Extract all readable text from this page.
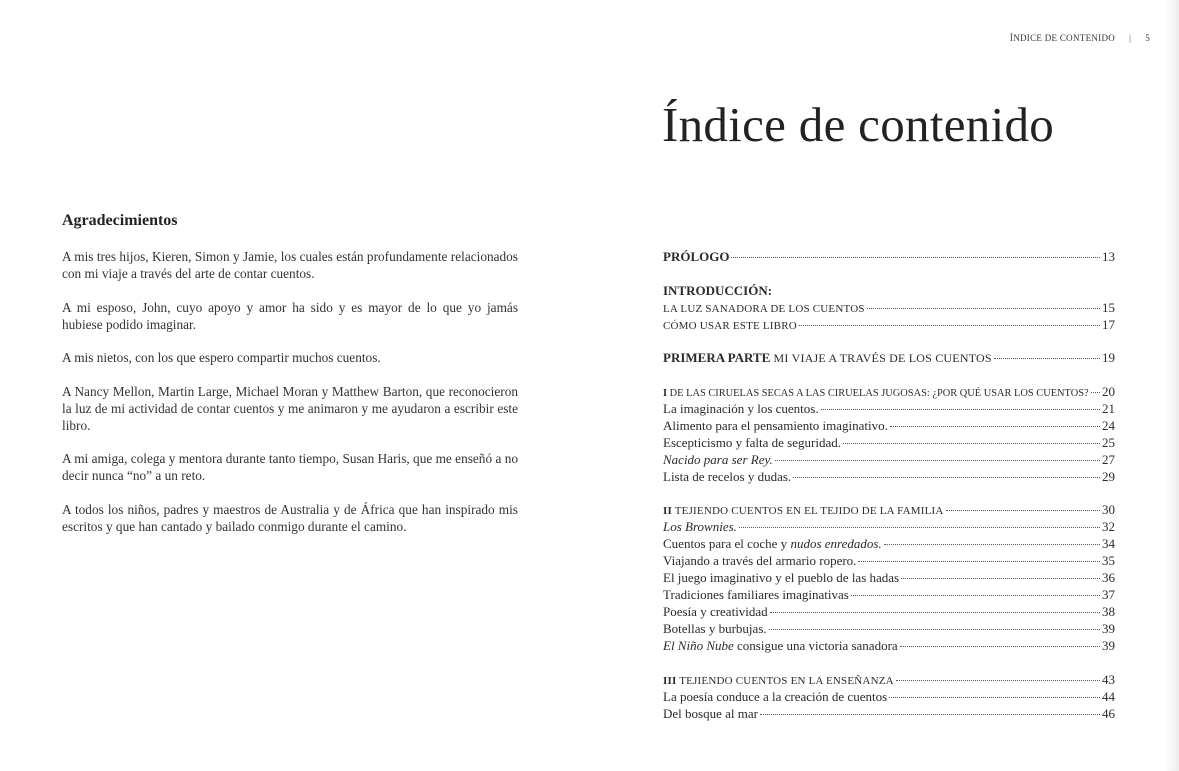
ÍNDICE DE CONTENIDO | 5
Índice de contenido
Agradecimientos

A mis tres hijos, Kieren, Simon y Jamie, los cuales están profundamente relacionados con mi viaje a través del arte de contar cuentos.

A mi esposo, John, cuyo apoyo y amor ha sido y es mayor de lo que yo jamás hubiese podido imaginar.

A mis nietos, con los que espero compartir muchos cuentos.

A Nancy Mellon, Martin Large, Michael Moran y Matthew Barton, que reconocieron la luz de mi actividad de contar cuentos y me animaron y me ayudaron a escribir este libro.

A mi amiga, colega y mentora durante tanto tiempo, Susan Haris, que me enseñó a no decir nunca “no” a un reto.

A todos los niños, padres y maestros de Australia y de África que han inspirado mis escritos y que han cantado y bailado conmigo durante el camino.

PRÓLOGO	13
INTRODUCCIÓN:
LA LUZ SANADORA DE LOS CUENTOS	15
CÓMO USAR ESTE LIBRO	17
PRIMERA PARTE MI VIAJE A TRAVÉS DE LOS CUENTOS	19
I DE LAS CIRUELAS SECAS A LAS CIRUELAS JUGOSAS: ¿POR QUÉ USAR LOS CUENTOS? 20
La imaginación y los cuentos.	21
Alimento para el pensamiento imaginativo.	24
Escepticismo y falta de seguridad.	25
Nacido para ser Rey.	27
Lista de recelos y dudas.	29
II TEJIENDO CUENTOS EN EL TEJIDO DE LA FAMILIA	30
Los Brownies.	32
Cuentos para el coche y nudos enredados.	34
Viajando a través del armario ropero.	35
El juego imaginativo y el pueblo de las hadas	36
Tradiciones familiares imaginativas	37
Poesía y creatividad	38
Botellas y burbujas.	39
El Niño Nube consigue una victoria sanadora	39
III TEJIENDO CUENTOS EN LA ENSEÑANZA	43
La poesía conduce a la creación de cuentos	44
Del bosque al mar	46
